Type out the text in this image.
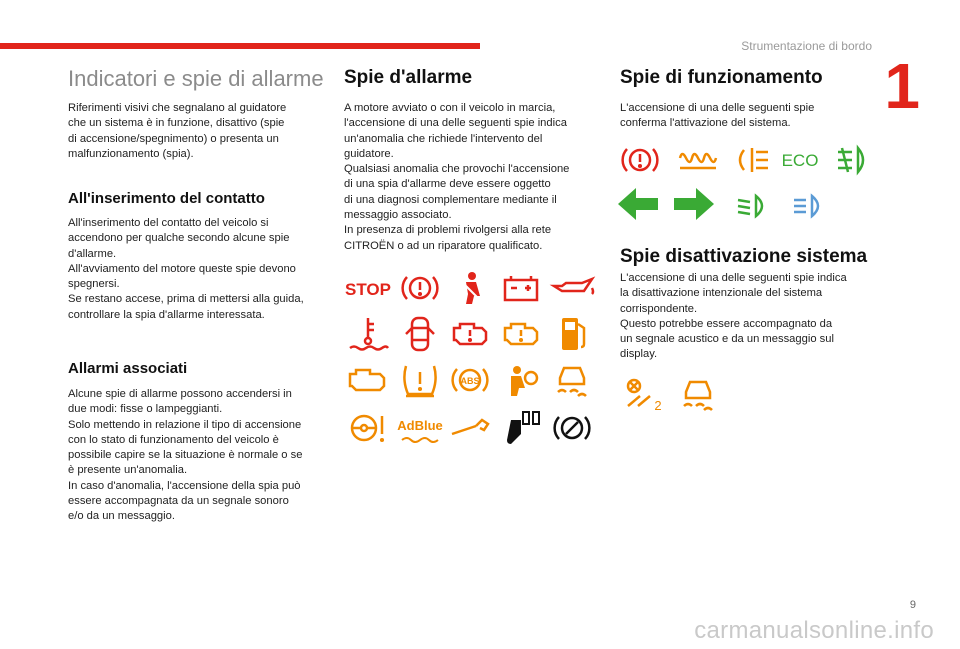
Strumentazione di bordo
1
Indicatori e spie di allarme

Riferimenti visivi che segnalano al guidatore
che un sistema è in funzione, disattivo (spie
di accensione/spegnimento) o presenta un
malfunzionamento (spia).

All'inserimento del contatto

All'inserimento del contatto del veicolo si
accendono per qualche secondo alcune spie
d'allarme.
All'avviamento del motore queste spie devono
spegnersi.
Se restano accese, prima di mettersi alla guida,
controllare la spia d'allarme interessata.

Allarmi associati

Alcune spie di allarme possono accendersi in
due modi: fisse o lampeggianti.
Solo mettendo in relazione il tipo di accensione
con lo stato di funzionamento del veicolo è
possibile capire se la situazione è normale o se
è presente un'anomalia.
In caso d'anomalia, l'accensione della spia può
essere accompagnata da un segnale sonoro
e/o da un messaggio.

Spie d'allarme

A motore avviato o con il veicolo in marcia,
l'accensione di una delle seguenti spie indica
un'anomalia che richiede l'intervento del
guidatore.
Qualsiasi anomalia che provochi l'accensione
di una spia d'allarme deve essere oggetto
di una diagnosi complementare mediante il
messaggio associato.
In presenza di problemi rivolgersi alla rete
CITROËN o ad un riparatore qualificato.

STOP
ABS
AdBlue
Spie di funzionamento

L'accensione di una delle seguenti spie
conferma l'attivazione del sistema.

ECO
Spie disattivazione sistema

L'accensione di una delle seguenti spie indica
la disattivazione intenzionale del sistema
corrispondente.
Questo potrebbe essere accompagnato da
un segnale acustico e da un messaggio sul
display.

2
9
carmanualsonline.info
